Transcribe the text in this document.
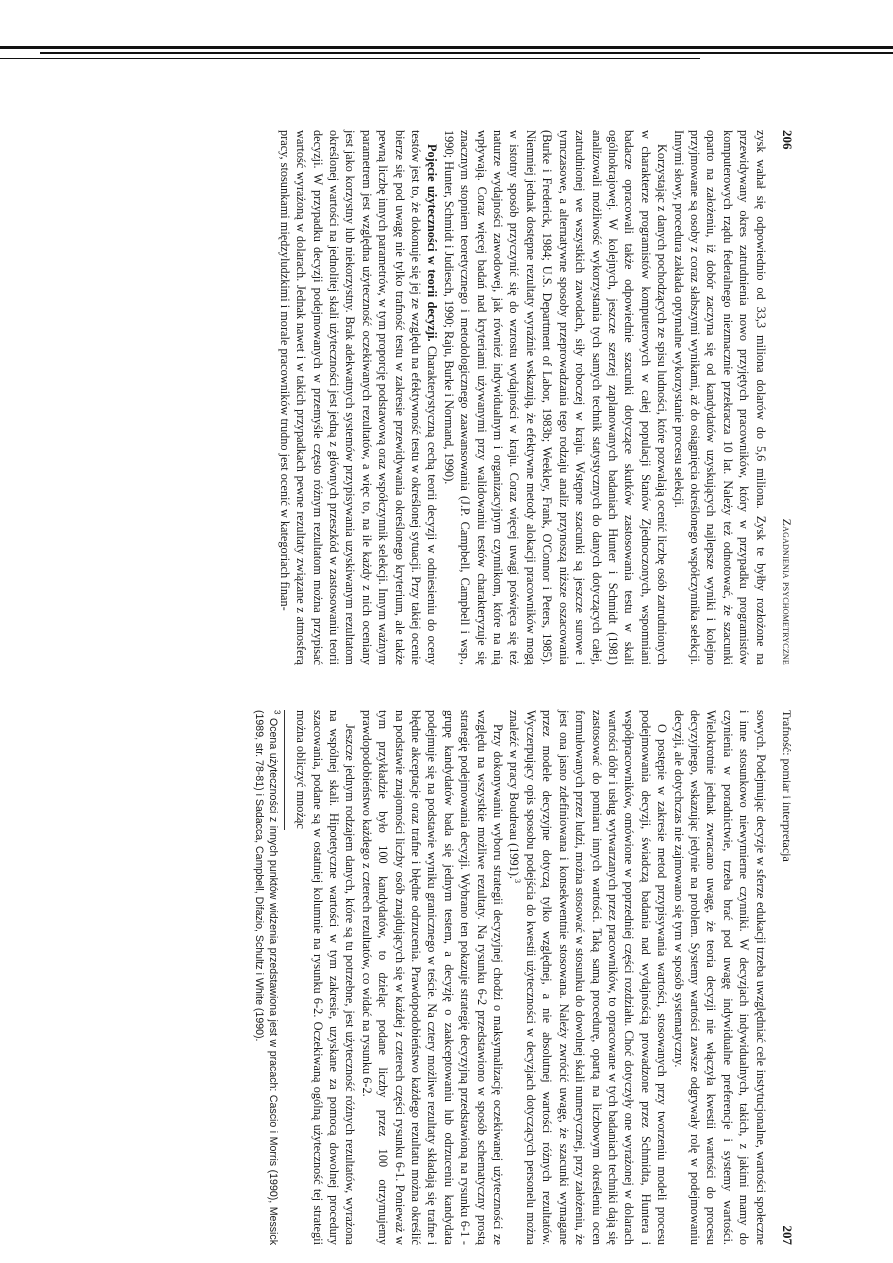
206
Zagadnienia psychometryczne

zysk wahał się odpowiednio od 33,3 miliona dolarów do 5,6 miliona. Zysk te byłby rozłożone na przewidywany okres zatrudnienia nowo przyjętych pracowników, który w przypadku programistów komputerowych rządu federalnego niezmacznie przekracza 10 lat. Należy też odnotować, że szacunki oparto na założeniu, iż dobór zaczyna się od kandydatów uzyskujących najlepsze wyniki i kolejno przyjmowane są osoby z coraz słabszymi wynikami, aż do osiągnięcia określonego współczynnika selekcji. Innymi słowy, procedura zakłada optymalne wykorzystanie procesu selekcji.

Korzystając z danych pochodzących ze spisu ludności, które pozwalają ocenić liczbę osób zatrudnionych w charakterze programistów komputerowych w całej populacji Stanów Zjednoczonych, wspomniani badacze opracowali także odpowiednie szacunki dotyczące skutków zastosowania testu w skali ogólnokrajowej. W kolejnych, jeszcze szerzej zaplanowanych badaniach Hunter i Schmidt (1981) analizowali możliwość wykorzystania tych samych technik statystycznych do danych dotyczących całej, zatrudnionej we wszystkich zawodach, siły roboczej w kraju. Wstępne szacunki są jeszcze surowe i tymczasowe, a alternatywne sposoby przeprowadzania tego rodzaju analiz przynoszą niższe oszacowania (Burke i Frederick, 1984; U.S. Department of Labor, 1983b; Weekley, Frank, O'Connor i Peters, 1985). Niemniej jednak dostępne rezultaty wyraźnie wskazują, że efektywne metody alokacji pracowników mogą w istotny sposób przyczynić się do wzrostu wydajności w kraju. Coraz więcej uwagi poświęca się też naturze wydajności zawodowej, jak również indywidualnym i organizacyjnym czynnikom, które na nią wpływają. Coraz więcej badań nad kryteriami używanymi przy walidowaniu testów charakteryzuje się znacznym stopniem teoretycznego i metodologicznego zaawansowania (J.P. Campbell, Campbell i wsp., 1990; Hunter, Schmidt i Judiesch, 1990; Raju, Burke i Normand, 1990).

Pojęcie użyteczności w teorii decyzji. Charakterystyczną cechą teorii decyzji w odniesieniu do oceny testów jest to, że dokonuje się jej ze względu na efektywność testu w określonej sytuacji. Przy takiej ocenie bierze się pod uwagę nie tylko trafność testu w zakresie przewidywania określonego kryterium, ale także pewną liczbę innych parametrów, w tym proporcję podstawową oraz współczynnik selekcji. Innym ważnym parametrem jest względna użyteczność oczekiwanych rezultatów, a więc to, na ile każdy z nich oceniany jest jako korzystny lub niekorzystny. Brak adekwatnych systemów przypisywania uzyskiwanym rezultatom określonej wartości na jednolitej skali użyteczności jest jedną z głównych przeszkód w zastosowaniu teorii decyzji. W przypadku decyzji podejmowanych w przemyśle często różnym rezultatom można przypisać wartość wyrażoną w dolarach. Jednak nawet i w takich przypadkach pewne rezultaty związane z atmosferą pracy, stosunkami międzyludzkimi i morale pracowników trudno jest ocenić w kategoriach finan-

Trafność: pomiar i interpretacja
207

sowych. Podejmując decyzje w sferze edukacji trzeba uwzględniać cele instytucjonalne, wartości społeczne i inne stosunkowo niewymierne czynniki. W decyzjach indywidualnych, takich, z jakimi mamy do czynienia w poradnictwie, trzeba brać pod uwagę indywidualne preferencje i systemy wartości. Wielokrotnie jednak zwracano uwagę, że teoria decyzji nie włączyła kwestii wartości do procesu decyzyjnego, wskazując jedynie na problem. Systemy wartości zawsze odgrywały rolę w podejmowaniu decyzji, ale dotychczas nie zajmowano się tym w sposób systematyczny.

O postępie w zakresie metod przypisywania wartości, stosowanych przy tworzeniu modeli procesu podejmowania decyzji, świadczą badania nad wydajnością prowadzone przez Schmidta, Huntera i współpracowników, omówione w poprzedniej części rozdziału. Choć dotyczyły one wyrażonej w dolarach wartości dóbr i usług wytwarzanych przez pracowników, to opracowane w tych badaniach techniki dają się zastosować do pomiaru innych wartości. Taką samą procedurę, opartą na liczbowym określeniu ocen formułowanych przez ludzi, można stosować w stosunku do dowolnej skali numerycznej, przy założeniu, że jest ona jasno zdefiniowana i konsekwentnie stosowana. Należy zwrócić uwagę, że szacunki wymagane przez modele decyzyjne dotyczą tylko względnej, a nie absolutnej wartości różnych rezultatów. Wyczerpujący opis sposobu podejścia do kwestii użyteczności w decyzjach dotyczących personelu można znaleźć w pracy Boudreau (1991).$^3$

Przy dokonywaniu wyboru strategii decyzyjnej chodzi o maksymalizację oczekiwanej użyteczności ze względu na wszystkie możliwe rezultaty. Na rysunku 6-2 przedstawiono w sposób schematyczny prostą strategię podejmowania decyzji. Wybrano ten pokazuje strategię decyzyjną przedstawioną na rysunku 6-1 - grupę kandydatów bada się jednym testem, a decyzję o zaakceptowaniu lub odrzuceniu kandydata podejmuje się na podstawie wyniku granicznego w teście. Na cztery możliwe rezultaty składają się trafne i błędne akceptacje oraz trafne i błędne odrzucenia. Prawdopodobieństwo każdego rezultatu można określić na podstawie znajomości liczby osób znajdujących się w każdej z czterech części rysunku 6-1. Ponieważ w tym przykładzie było 100 kandydatów, to dzieląc podane liczby przez 100 otrzymujemy prawdopodobieństwo każdego z czterech rezultatów, co widać na rysunku 6-2.

Jeszcze jednym rodzajem danych, które są tu potrzebne, jest użyteczność różnych rezultatów, wyrażona na wspólnej skali. Hipotetyczne wartości w tym zakresie, uzyskane za pomocą dowolnej procedury szacowania, podane są w ostatniej kolumnie na rysunku 6-2. Oczekiwaną ogólną użyteczność tej strategii można obliczyć mnożąc

$^3$ Ocena użyteczności z innych punktów widzenia przedstawiona jest w pracach: Cascio i Morris (1990), Messick (1989, str. 78-81) i Sadacca, Campbell, Difazio, Schultz i White (1990).
